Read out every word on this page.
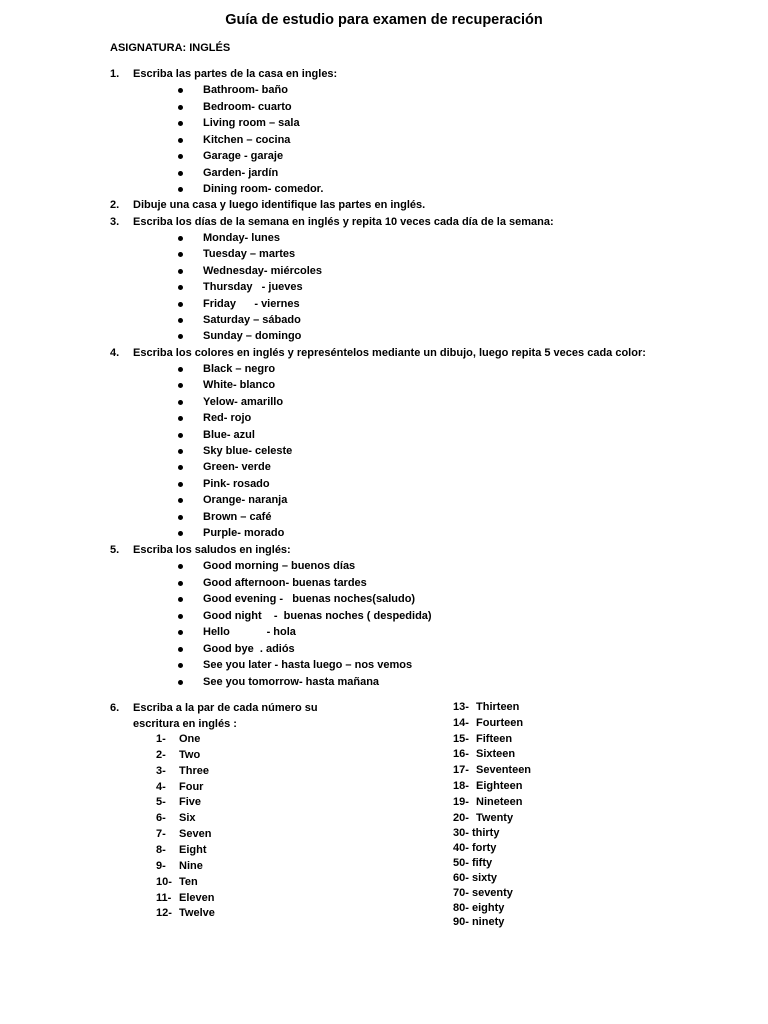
Guía de estudio para examen de recuperación
ASIGNATURA: INGLÉS
1. Escriba las partes de la casa en ingles:
Bathroom- baño
Bedroom- cuarto
Living room – sala
Kitchen – cocina
Garage - garaje
Garden- jardín
Dining room- comedor.
2. Dibuje una casa y luego identifique las partes en inglés.
3. Escriba los días de la semana en inglés y repita 10 veces cada día de la semana:
Monday- lunes
Tuesday – martes
Wednesday- miércoles
Thursday   - jueves
Friday      - viernes
Saturday – sábado
Sunday – domingo
4. Escriba los colores en inglés y represéntelos mediante un dibujo, luego repita 5 veces cada color:
Black – negro
White- blanco
Yelow- amarillo
Red- rojo
Blue- azul
Sky blue- celeste
Green- verde
Pink- rosado
Orange- naranja
Brown – café
Purple- morado
5. Escriba los saludos en inglés:
Good morning – buenos días
Good afternoon- buenas tardes
Good evening -   buenas noches(saludo)
Good night    -  buenas noches ( despedida)
Hello            - hola
Good bye  . adiós
See you later - hasta luego – nos vemos
See you tomorrow- hasta mañana
6. Escriba a la par de cada número su escritura en inglés :
1- One
2- Two
3- Three
4- Four
5- Five
6- Six
7- Seven
8- Eight
9- Nine
10- Ten
11- Eleven
12- Twelve
13- Thirteen
14- Fourteen
15- Fifteen
16- Sixteen
17- Seventeen
18- Eighteen
19- Nineteen
20- Twenty
30- thirty
40- forty
50- fifty
60- sixty
70- seventy
80- eighty
90- ninety
